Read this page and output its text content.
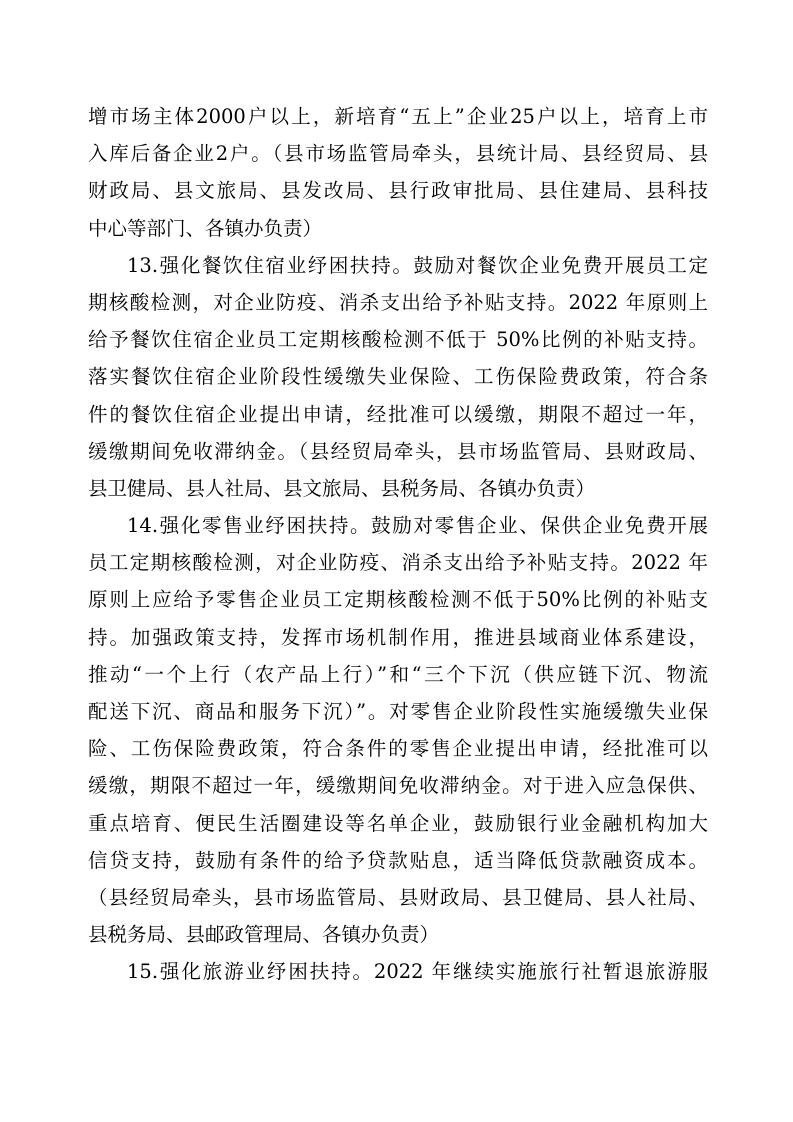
增市场主体2000户以上，新培育“五上”企业25户以上，培育上市
入库后备企业2户。（县市场监管局牵头，县统计局、县经贸局、县
财政局、县文旅局、县发改局、县行政审批局、县住建局、县科技
中心等部门、各镇办负责）
13.强化餐饮住宿业纾困扶持。鼓励对餐饮企业免费开展员工定
期核酸检测，对企业防疫、消杀支出给予补贴支持。2022 年原则上
给予餐饮住宿企业员工定期核酸检测不低于 50%比例的补贴支持。
落实餐饮住宿企业阶段性缓缴失业保险、工伤保险费政策，符合条
件的餐饮住宿企业提出申请，经批准可以缓缴，期限不超过一年，
缓缴期间免收滞纳金。（县经贸局牵头，县市场监管局、县财政局、
县卫健局、县人社局、县文旅局、县税务局、各镇办负责）
14.强化零售业纾困扶持。鼓励对零售企业、保供企业免费开展
员工定期核酸检测，对企业防疫、消杀支出给予补贴支持。2022 年
原则上应给予零售企业员工定期核酸检测不低于50%比例的补贴支
持。加强政策支持，发挥市场机制作用，推进县域商业体系建设，
推动“一个上行（农产品上行）”和“三个下沉（供应链下沉、物流
配送下沉、商品和服务下沉）”。对零售企业阶段性实施缓缴失业保
险、工伤保险费政策，符合条件的零售企业提出申请，经批准可以
缓缴，期限不超过一年，缓缴期间免收滞纳金。对于进入应急保供、
重点培育、便民生活圈建设等名单企业，鼓励银行业金融机构加大
信贷支持，鼓励有条件的给予贷款贴息，适当降低贷款融资成本。
（县经贸局牵头，县市场监管局、县财政局、县卫健局、县人社局、
县税务局、县邮政管理局、各镇办负责）
15.强化旅游业纾困扶持。2022 年继续实施旅行社暂退旅游服
